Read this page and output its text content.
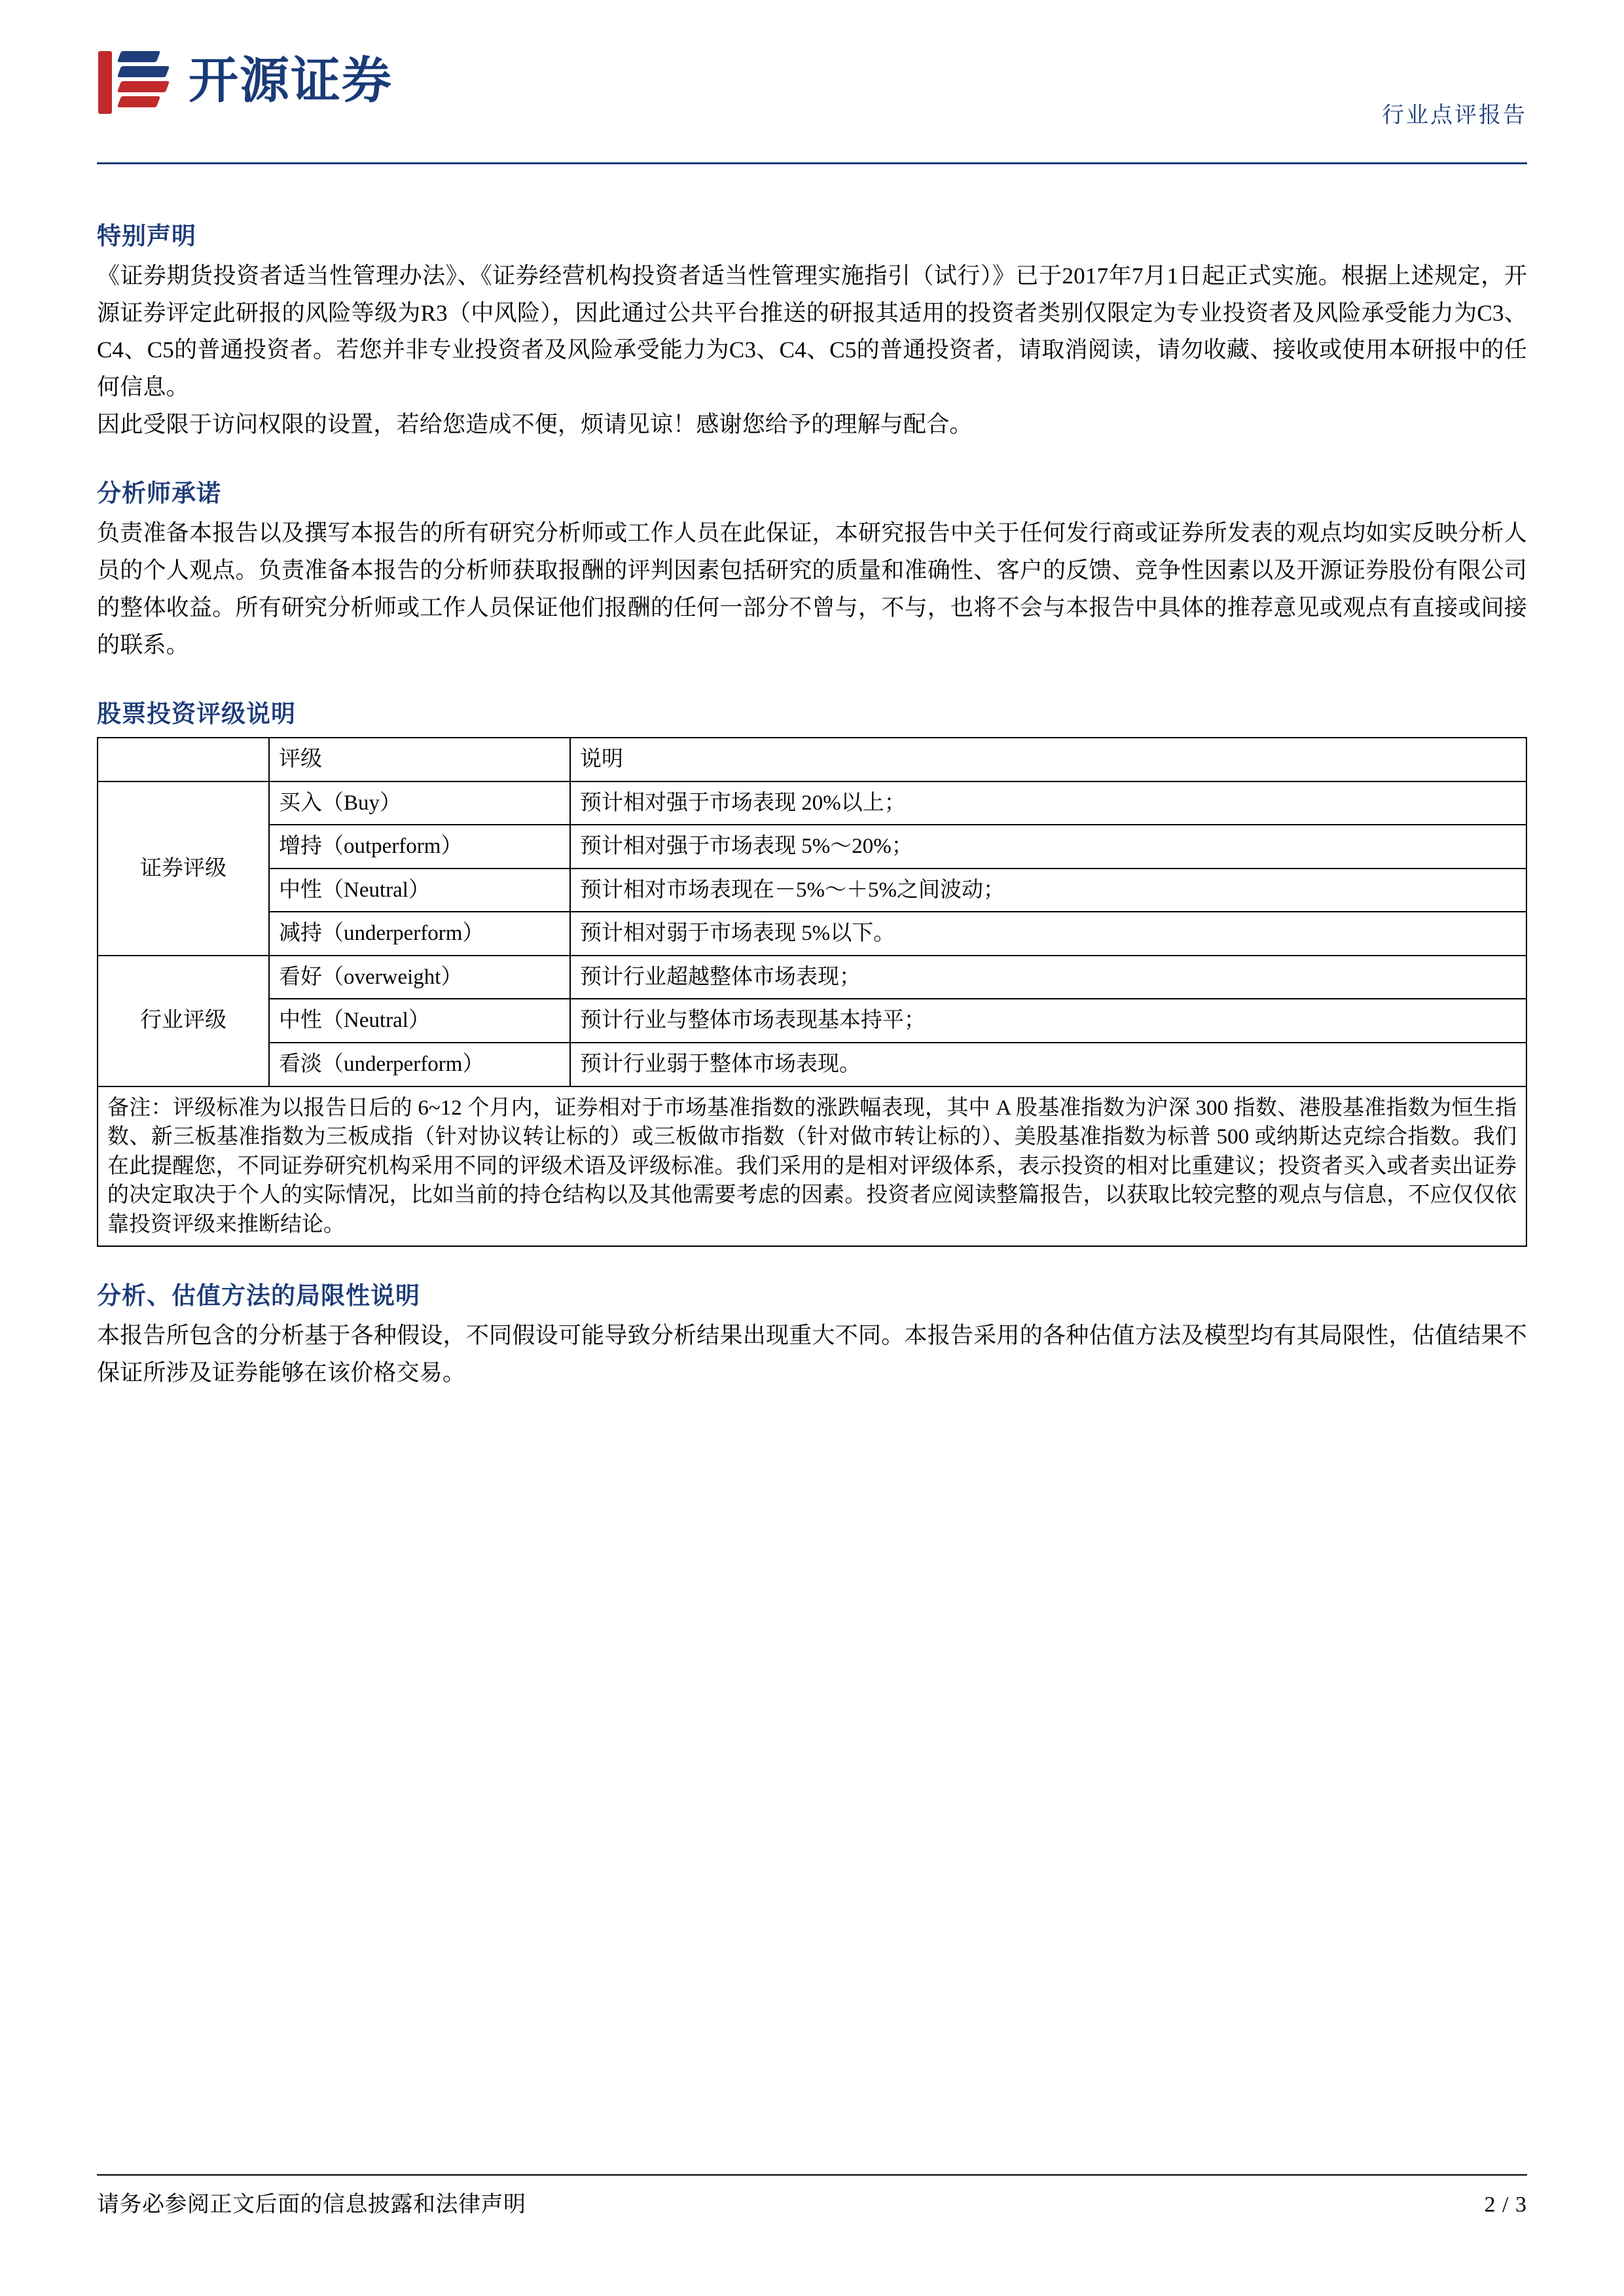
开源证券
行业点评报告
特别声明

《证券期货投资者适当性管理办法》、《证券经营机构投资者适当性管理实施指引（试行）》已于2017年7月1日起正式实施。根据上述规定，开源证券评定此研报的风险等级为R3（中风险），因此通过公共平台推送的研报其适用的投资者类别仅限定为专业投资者及风险承受能力为C3、C4、C5的普通投资者。若您并非专业投资者及风险承受能力为C3、C4、C5的普通投资者，请取消阅读，请勿收藏、接收或使用本研报中的任何信息。

因此受限于访问权限的设置，若给您造成不便，烦请见谅！感谢您给予的理解与配合。

分析师承诺

负责准备本报告以及撰写本报告的所有研究分析师或工作人员在此保证，本研究报告中关于任何发行商或证券所发表的观点均如实反映分析人员的个人观点。负责准备本报告的分析师获取报酬的评判因素包括研究的质量和准确性、客户的反馈、竞争性因素以及开源证券股份有限公司的整体收益。所有研究分析师或工作人员保证他们报酬的任何一部分不曾与，不与，也将不会与本报告中具体的推荐意见或观点有直接或间接的联系。

股票投资评级说明
	评级	说明
证券评级	买入（Buy）	预计相对强于市场表现 20%以上；
	增持（outperform）	预计相对强于市场表现 5%～20%；
	中性（Neutral）	预计相对市场表现在－5%～＋5%之间波动；
	减持（underperform）	预计相对弱于市场表现 5%以下。
行业评级	看好（overweight）	预计行业超越整体市场表现；
	中性（Neutral）	预计行业与整体市场表现基本持平；
	看淡（underperform）	预计行业弱于整体市场表现。
备注：评级标准为以报告日后的 6~12 个月内，证券相对于市场基准指数的涨跌幅表现，其中 A 股基准指数为沪深 300 指数、港股基准指数为恒生指数、新三板基准指数为三板成指（针对协议转让标的）或三板做市指数（针对做市转让标的）、美股基准指数为标普 500 或纳斯达克综合指数。我们在此提醒您，不同证券研究机构采用不同的评级术语及评级标准。我们采用的是相对评级体系，表示投资的相对比重建议；投资者买入或者卖出证券的决定取决于个人的实际情况，比如当前的持仓结构以及其他需要考虑的因素。投资者应阅读整篇报告，以获取比较完整的观点与信息，不应仅仅依靠投资评级来推断结论。		
分析、估值方法的局限性说明

本报告所包含的分析基于各种假设，不同假设可能导致分析结果出现重大不同。本报告采用的各种估值方法及模型均有其局限性，估值结果不保证所涉及证券能够在该价格交易。

请务必参阅正文后面的信息披露和法律声明	2 / 3
